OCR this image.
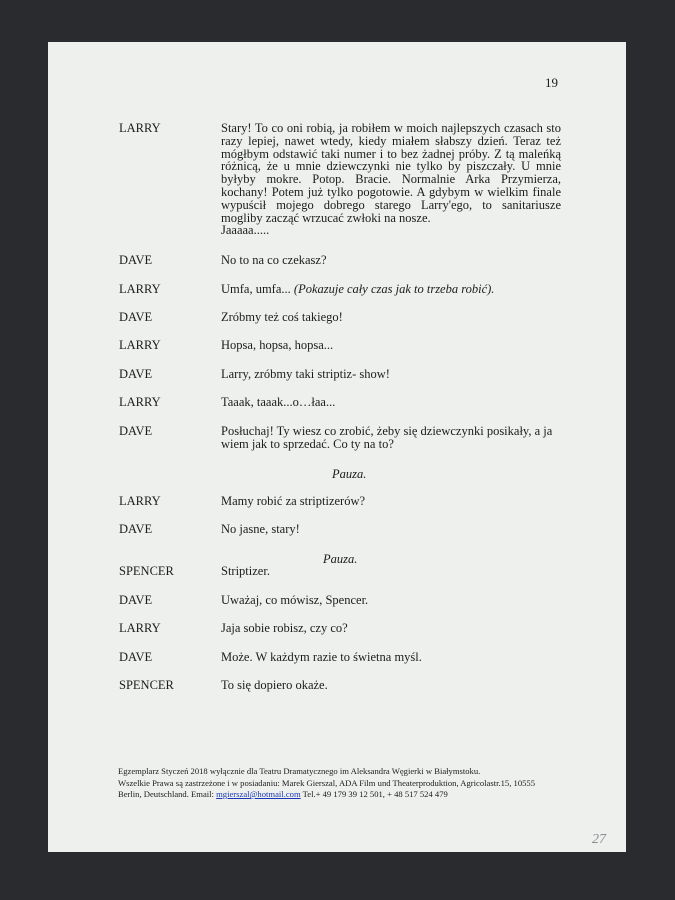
19
LARRY	Stary! To co oni robią, ja robiłem w moich najlepszych czasach sto razy lepiej, nawet wtedy, kiedy miałem słabszy dzień. Teraz też mógłbym odstawić taki numer i to bez żadnej próby. Z tą maleńką różnicą, że u mnie dziewczynki nie tylko by piszczały. U mnie byłyby mokre. Potop. Bracie. Normalnie Arka Przymierza, kochany! Potem już tylko pogotowie. A gdybym w wielkim finale wypuścił mojego dobrego starego Larry'ego, to sanitariusze mogliby zacząć wrzucać zwłoki na nosze.
Jaaaaa.....
DAVE	No to na co czekasz?
LARRY	Umfa, umfa... (Pokazuje cały czas jak to trzeba robić).
DAVE	Zróbmy też coś takiego!
LARRY	Hopsa, hopsa, hopsa...
DAVE	Larry, zróbmy taki striptiz- show!
LARRY	Taaak, taaak...o…łaa...
DAVE	Posłuchaj! Ty wiesz co zrobić, żeby się dziewczynki posikały, a ja wiem jak to sprzedać. Co ty na to?
Pauza.
LARRY	Mamy robić za striptizerów?
DAVE	No jasne, stary!
Pauza.
SPENCER	Striptizer.
DAVE	Uważaj, co mówisz, Spencer.
LARRY	Jaja sobie robisz, czy co?
DAVE	Może. W każdym razie to świetna myśl.
SPENCER	To się dopiero okaże.
Egzemplarz Styczeń 2018 wyłącznie dla Teatru Dramatycznego im Aleksandra Węgierki w Białymstoku.
Wszelkie Prawa są zastrzeżone i w posiadaniu: Marek Gierszal, ADA Film und Theaterproduktion, Agricolastr.15, 10555
Berlin, Deutschland. Email: mgierszal@hotmail.com Tel.+ 49 179 39 12 501, + 48 517 524 479
27
